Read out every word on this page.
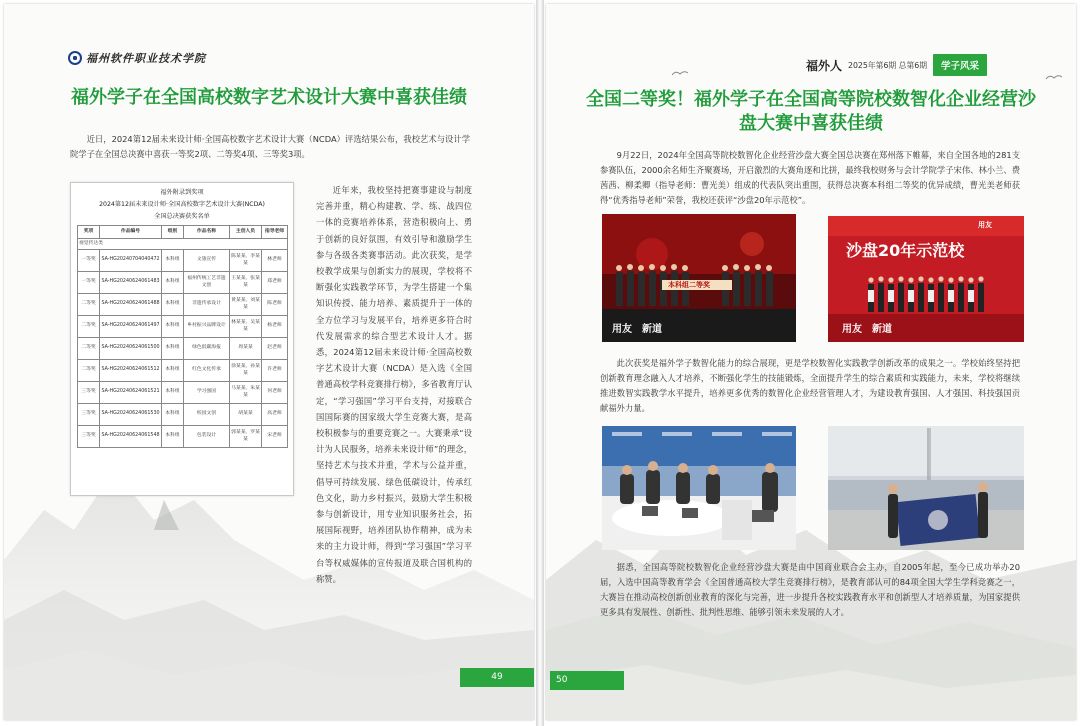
福州软件职业技术学院
福外学子在全国高校数字艺术设计大赛中喜获佳绩

近日，2024第12届未来设计师·全国高校数字艺术设计大赛（NCDA）评选结果公布，我校艺术与设计学院学子在全国总决赛中喜获一等奖2项、二等奖4项、三等奖3项。

福外附录到奖项
2024第12届未来设计师·全国高校数字艺术设计大赛(NCDA)
全国总决赛获奖名单
奖项	作品编号	组别	作品名称	主创人员	指导老师
视觉传达类					
一等奖	SA-HG20240704040472	本科组	文旅宣传	陈某某、李某某	林老师
一等奖	SA-HG20240624061483	本科组	福州传统工艺非遗文创	王某某、张某某	郑老师
二等奖	SA-HG20240624061488	本科组	非遗传承设计	黄某某、刘某某	陈老师
二等奖	SA-HG20240624061497	本科组	乡村振兴品牌设计	林某某、吴某某	杨老师
二等奖	SA-HG20240624061500	本科组	绿色低碳海报	周某某	赵老师
二等奖	SA-HG20240624061512	本科组	红色文化传承	徐某某、孙某某	许老师
三等奖	SA-HG20240624061521	本科组	学习强国	马某某、朱某某	何老师
三等奖	SA-HG20240624061530	本科组	校园文创	胡某某	高老师
三等奖	SA-HG20240624061548	本科组	包装设计	郭某某、罗某某	宋老师

近年来，我校坚持把赛事建设与制度完善并重，精心构建教、学、练、战四位一体的竞赛培养体系，营造积极向上、勇于创新的良好氛围，有效引导和激励学生参与各级各类赛事活动。此次获奖，是学校教学成果与创新实力的展现，学校将不断强化实践教学环节，为学生搭建一个集知识传授、能力培养、素质提升于一体的全方位学习与发展平台，培养更多符合时代发展需求的综合型艺术设计人才。据悉，2024第12届未来设计师·全国高校数字艺术设计大赛（NCDA）是入选《全国普通高校学科竞赛排行榜》，多省教育厅认定，“学习强国”学习平台支持，对接联合国国际赛的国家级大学生竞赛大赛，是高校积极参与的重要竞赛之一。大赛秉承“设计为人民服务，培养未来设计师”的理念，坚持艺术与技术并重，学术与公益并重，倡导可持续发展、绿色低碳设计，传承红色文化，助力乡村振兴，鼓励大学生积极参与创新设计，用专业知识服务社会，拓展国际视野，培养团队协作精神，成为未来的主力设计师，得到“学习强国”学习平台等权威媒体的宣传报道及联合国机构的称赞。

49
福外人 2025年第6期 总第6期	学子风采
全国二等奖！福外学子在全国高等院校数智化企业经营沙盘大赛中喜获佳绩

9月22日，2024年全国高等院校数智化企业经营沙盘大赛全国总决赛在郑州落下帷幕，来自全国各地的281支参赛队伍，2000余名师生齐聚赛场，开启激烈的大赛角逐和比拼，最终我校财务与会计学院学子宋伟、林小兰、费茜茜、柳柔卿（指导老师：曹光美）组成的代表队突出重围，获得总决赛本科组二等奖的优异成绩，曹光美老师获得“优秀指导老师”荣誉，我校还获评“沙盘20年示范校”。

本科组二等奖
用友 新道
沙盘20年示范校
用友
用友 新道

此次获奖是福外学子数智化能力的综合展现，更是学校数智化实践教学创新改革的成果之一。学校始终坚持把创新教育理念融入人才培养，不断强化学生的技能锻炼，全面提升学生的综合素质和实践能力，未来，学校将继续推进数智实践教学水平提升，培养更多优秀的数智化企业经营管理人才，为建设教育强国、人才强国、科技强国贡献福外力量。

据悉，全国高等院校数智化企业经营沙盘大赛是由中国商业联合会主办，自2005年起，至今已成功举办20届，入选中国高等教育学会《全国普通高校大学生竞赛排行榜》，是教育部认可的84项全国大学生学科竞赛之一，大赛旨在推动高校创新创业教育的深化与完善，进一步提升各校实践教育水平和创新型人才培养质量，为国家提供更多具有发展性、创新性、批判性思维、能够引领未来发展的人才。

50
